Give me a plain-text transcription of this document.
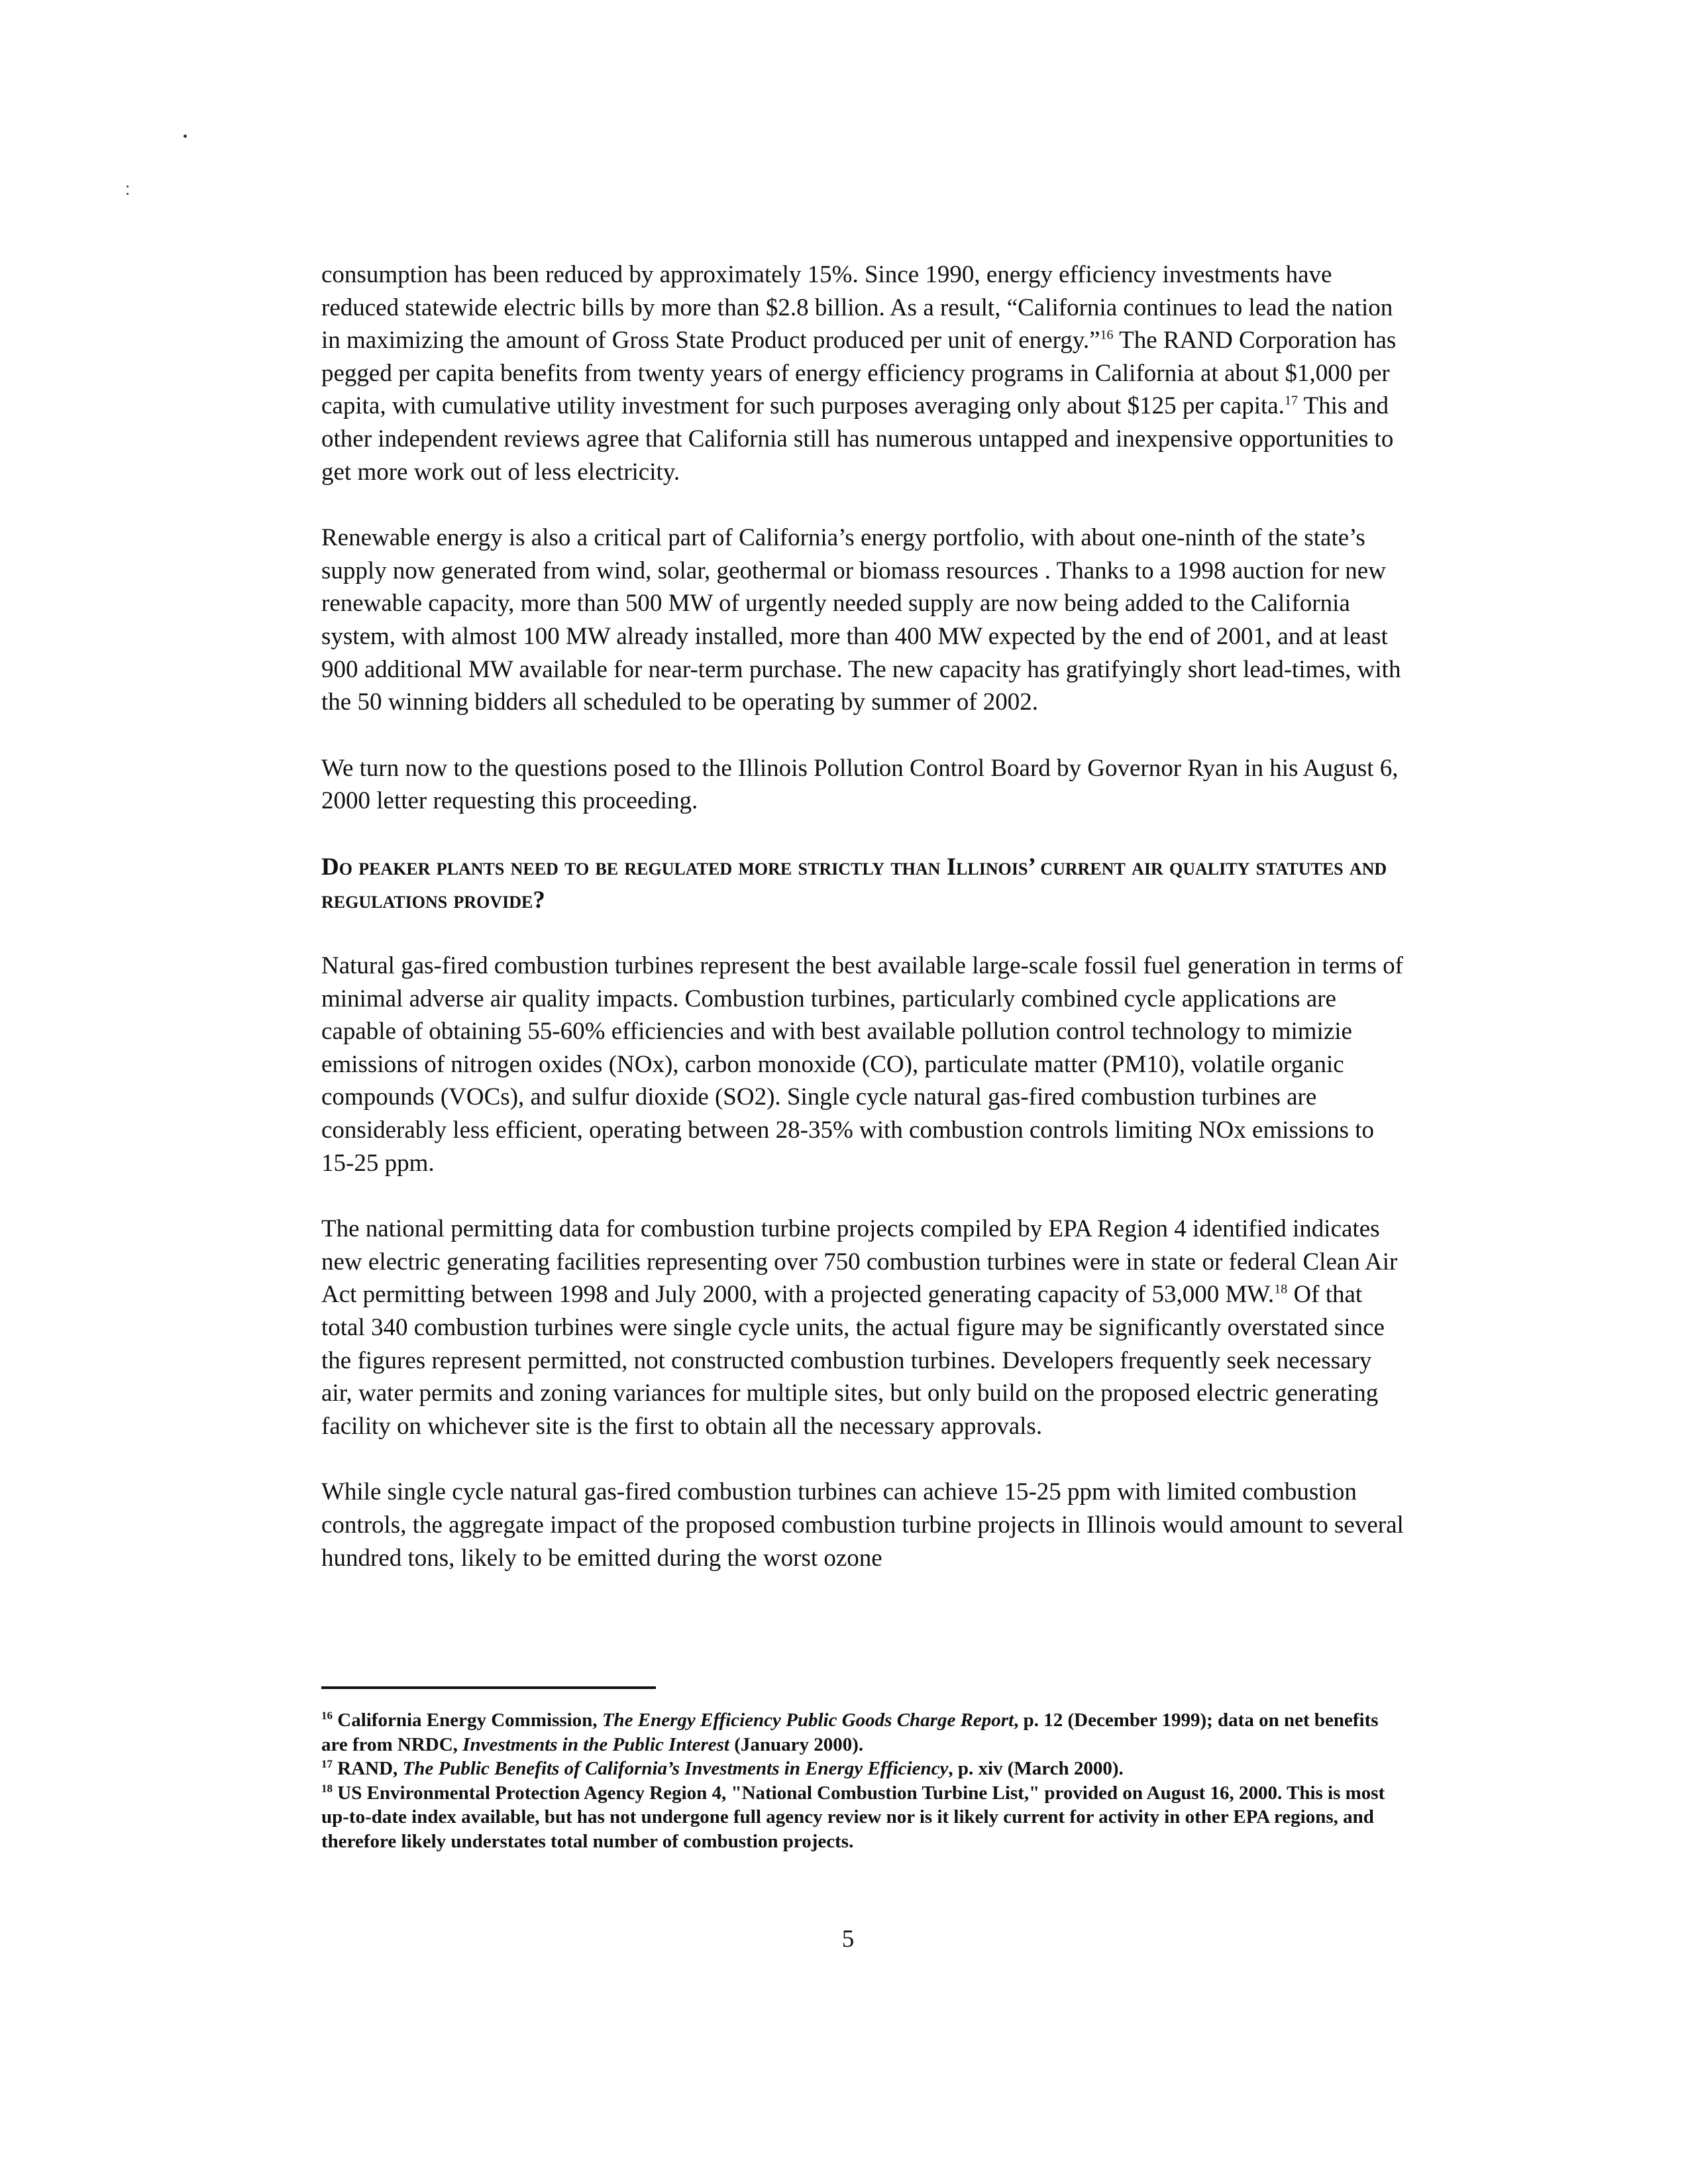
consumption has been reduced by approximately 15%. Since 1990, energy efficiency investments have reduced statewide electric bills by more than $2.8 billion. As a result, “California continues to lead the nation in maximizing the amount of Gross State Product produced per unit of energy.”$^{16}$ The RAND Corporation has pegged per capita benefits from twenty years of energy efficiency programs in California at about $1,000 per capita, with cumulative utility investment for such purposes averaging only about $125 per capita.$^{17}$ This and other independent reviews agree that California still has numerous untapped and inexpensive opportunities to get more work out of less electricity.

Renewable energy is also a critical part of California’s energy portfolio, with about one-ninth of the state’s supply now generated from wind, solar, geothermal or biomass resources . Thanks to a 1998 auction for new renewable capacity, more than 500 MW of urgently needed supply are now being added to the California system, with almost 100 MW already installed, more than 400 MW expected by the end of 2001, and at least 900 additional MW available for near-term purchase. The new capacity has gratifyingly short lead-times, with the 50 winning bidders all scheduled to be operating by summer of 2002.

We turn now to the questions posed to the Illinois Pollution Control Board by Governor Ryan in his August 6, 2000 letter requesting this proceeding.

Do peaker plants need to be regulated more strictly than Illinois’ current air quality statutes and regulations provide?

Natural gas-fired combustion turbines represent the best available large-scale fossil fuel generation in terms of minimal adverse air quality impacts. Combustion turbines, particularly combined cycle applications are capable of obtaining 55-60% efficiencies and with best available pollution control technology to mimizie emissions of nitrogen oxides (NOx), carbon monoxide (CO), particulate matter (PM10), volatile organic compounds (VOCs), and sulfur dioxide (SO2). Single cycle natural gas-fired combustion turbines are considerably less efficient, operating between 28-35% with combustion controls limiting NOx emissions to 15-25 ppm.

The national permitting data for combustion turbine projects compiled by EPA Region 4 identified indicates new electric generating facilities representing over 750 combustion turbines were in state or federal Clean Air Act permitting between 1998 and July 2000, with a projected generating capacity of 53,000 MW.$^{18}$ Of that total 340 combustion turbines were single cycle units, the actual figure may be significantly overstated since the figures represent permitted, not constructed combustion turbines. Developers frequently seek necessary air, water permits and zoning variances for multiple sites, but only build on the proposed electric generating facility on whichever site is the first to obtain all the necessary approvals.

While single cycle natural gas-fired combustion turbines can achieve 15-25 ppm with limited combustion controls, the aggregate impact of the proposed combustion turbine projects in Illinois would amount to several hundred tons, likely to be emitted during the worst ozone

$^{16}$ California Energy Commission, The Energy Efficiency Public Goods Charge Report, p. 12 (December 1999); data on net benefits are from NRDC, Investments in the Public Interest (January 2000).
$^{17}$ RAND, The Public Benefits of California’s Investments in Energy Efficiency, p. xiv (March 2000).
$^{18}$ US Environmental Protection Agency Region 4, "National Combustion Turbine List," provided on August 16, 2000. This is most up-to-date index available, but has not undergone full agency review nor is it likely current for activity in other EPA regions, and therefore likely understates total number of combustion projects.
5
